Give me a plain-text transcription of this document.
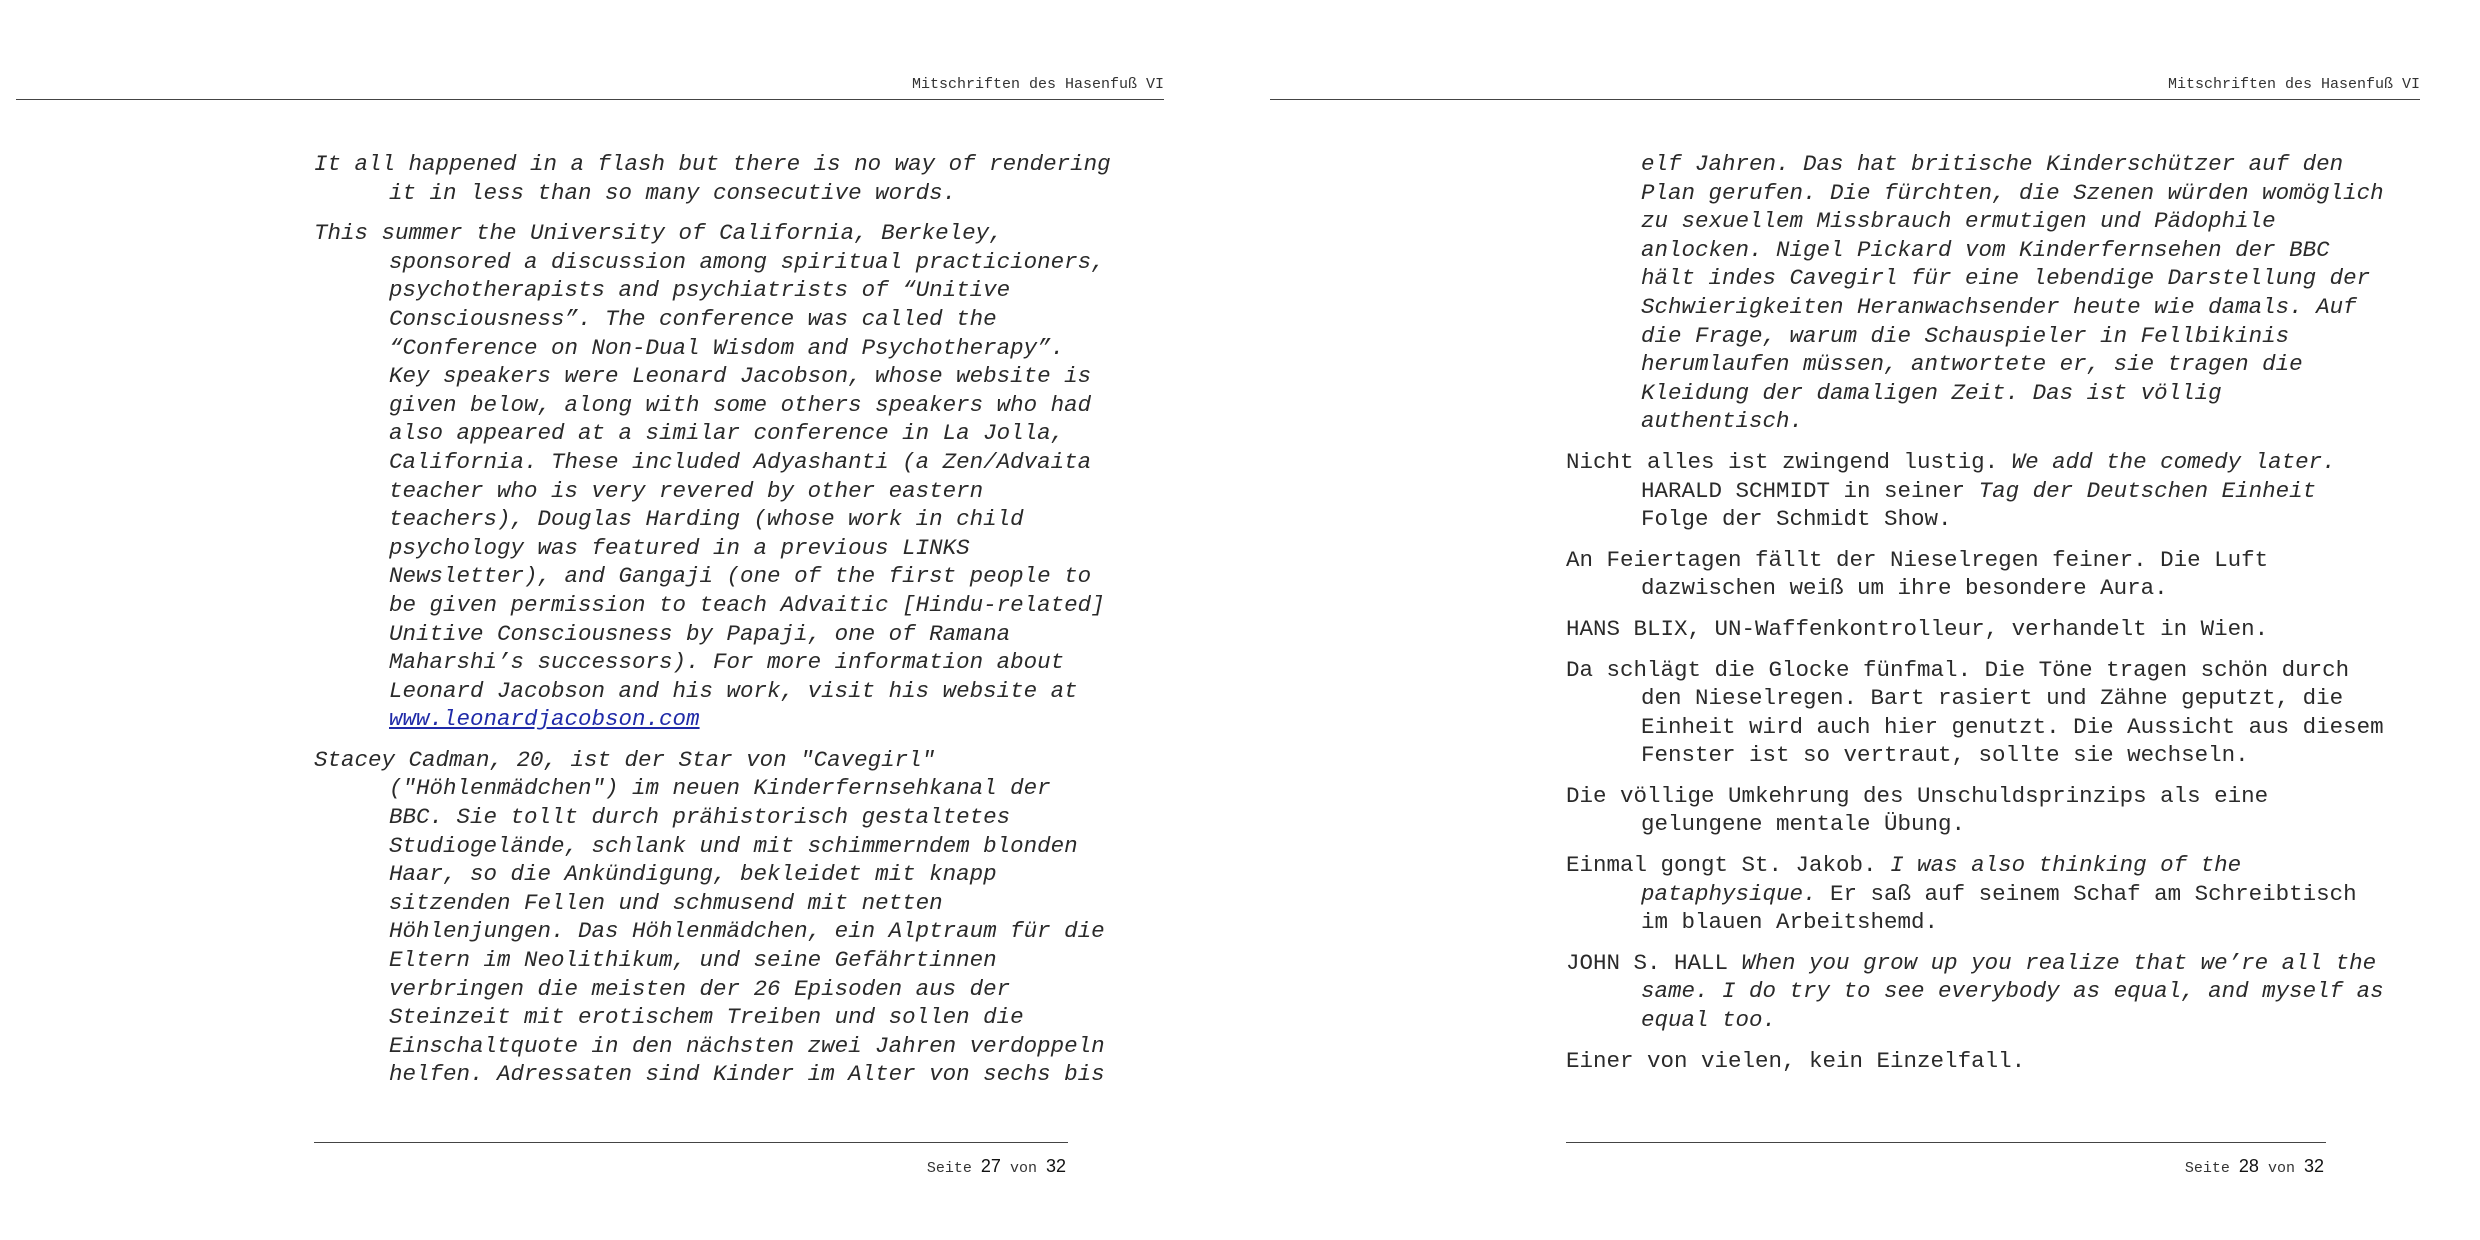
Mitschriften des Hasenfuß VI

It all happened in a flash but there is no way of rendering it in less than so many consecutive words.

This summer the University of California, Berkeley, sponsored a discussion among spiritual practicioners, psychotherapists and psychiatrists of “Unitive Consciousness”. The conference was called the “Conference on Non-Dual Wisdom and Psychotherapy”. Key speakers were Leonard Jacobson, whose website is given below, along with some others speakers who had also appeared at a similar conference in La Jolla, California. These included Adyashanti (a Zen/Advaita teacher who is very revered by other eastern teachers), Douglas Harding (whose work in child psychology was featured in a previous LINKS Newsletter), and Gangaji (one of the first people to be given permission to teach Advaitic [Hindu-related] Unitive Consciousness by Papaji, one of Ramana Maharshi’s successors). For more information about Leonard Jacobson and his work, visit his website at www.leonardjacobson.com

Stacey Cadman, 20, ist der Star von "Cavegirl" ("Höhlenmädchen") im neuen Kinderfernsehkanal der BBC. Sie tollt durch prähistorisch gestaltetes Studiogelände, schlank und mit schimmerndem blonden Haar, so die Ankündigung, bekleidet mit knapp sitzenden Fellen und schmusend mit netten Höhlenjungen. Das Höhlenmädchen, ein Alptraum für die Eltern im Neolithikum, und seine Gefährtinnen verbringen die meisten der 26 Episoden aus der Steinzeit mit erotischem Treiben und sollen die Einschaltquote in den nächsten zwei Jahren verdoppeln helfen. Adressaten sind Kinder im Alter von sechs bis

Seite 27 von 32
Mitschriften des Hasenfuß VI

elf Jahren. Das hat britische Kinderschützer auf den Plan gerufen. Die fürchten, die Szenen würden womöglich zu sexuellem Missbrauch ermutigen und Pädophile anlocken. Nigel Pickard vom Kinderfernsehen der BBC hält indes Cavegirl für eine lebendige Darstellung der Schwierigkeiten Heranwachsender heute wie damals. Auf die Frage, warum die Schauspieler in Fellbikinis herumlaufen müssen, antwortete er, sie tragen die Kleidung der damaligen Zeit. Das ist völlig authentisch.

Nicht alles ist zwingend lustig. We add the comedy later. HARALD SCHMIDT in seiner Tag der Deutschen Einheit Folge der Schmidt Show.

An Feiertagen fällt der Nieselregen feiner. Die Luft dazwischen weiß um ihre besondere Aura.

HANS BLIX, UN-Waffenkontrolleur, verhandelt in Wien.

Da schlägt die Glocke fünfmal. Die Töne tragen schön durch den Nieselregen. Bart rasiert und Zähne geputzt, die Einheit wird auch hier genutzt. Die Aussicht aus diesem Fenster ist so vertraut, sollte sie wechseln.

Die völlige Umkehrung des Unschuldsprinzips als eine gelungene mentale Übung.

Einmal gongt St. Jakob. I was also thinking of the pataphysique. Er saß auf seinem Schaf am Schreibtisch im blauen Arbeitshemd.

JOHN S. HALL When you grow up you realize that we’re all the same. I do try to see everybody as equal, and myself as equal too.

Einer von vielen, kein Einzelfall.

Seite 28 von 32
